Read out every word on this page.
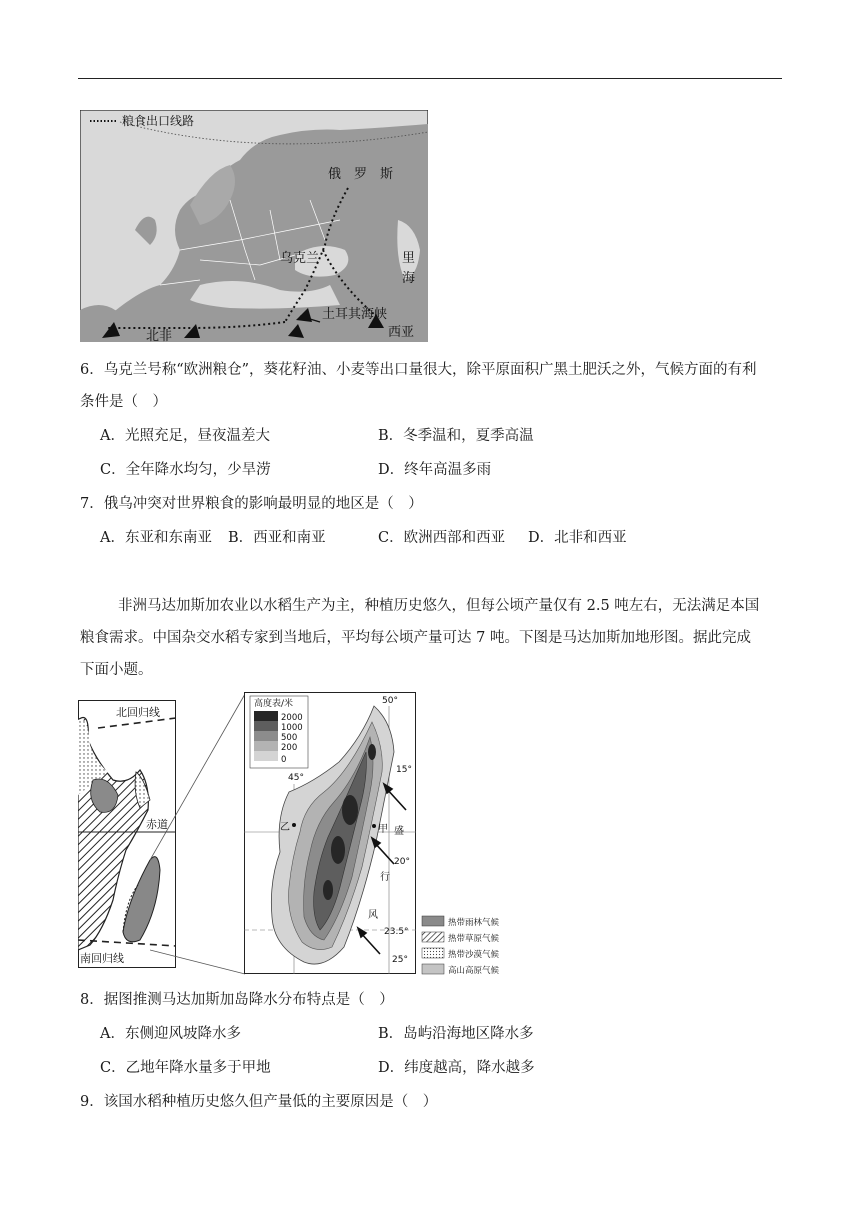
粮食出口线路
俄　罗　斯
乌克兰	里
海
土耳其海峡
北非	西亚
6．乌克兰号称“欧洲粮仓”，葵花籽油、小麦等出口量很大，除平原面积广黑土肥沃之外，气候方面的有利
条件是（　）
A．光照充足，昼夜温差大	B．冬季温和，夏季高温
C．全年降水均匀，少旱涝	D．终年高温多雨
7．俄乌冲突对世界粮食的影响最明显的地区是（　）
A．东亚和东南亚 B．西亚和南亚	C．欧洲西部和西亚 D．北非和西亚
非洲马达加斯加农业以水稻生产为主，种植历史悠久，但每公顷产量仅有 2.5 吨左右，无法满足本国
粮食需求。中国杂交水稻专家到当地后，平均每公顷产量可达 7 吨。下图是马达加斯加地形图。据此完成
下面小题。
北回归线
赤道
南回归线
高度表/米
2000
1000
500
200
0
50°
45°
15°
20°
23.5°
25°
甲
乙	盛
行
风
热带雨林气候
热带草原气候
热带沙漠气候
高山高原气候
8．据图推测马达加斯加岛降水分布特点是（　）
A．东侧迎风坡降水多	B．岛屿沿海地区降水多
C．乙地年降水量多于甲地	D．纬度越高，降水越多
9．该国水稻种植历史悠久但产量低的主要原因是（　）
